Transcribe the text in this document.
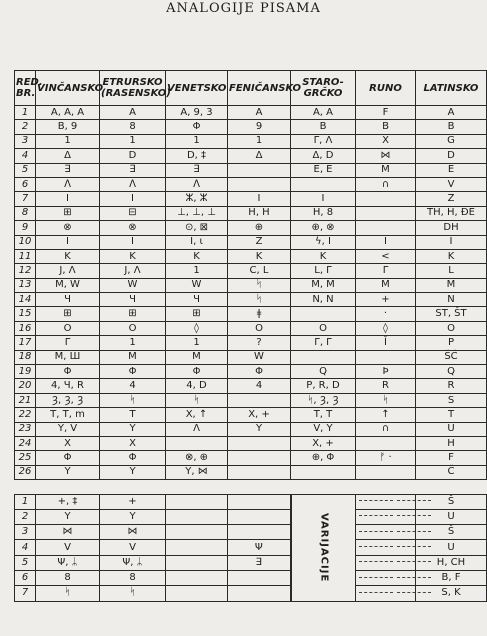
ANALOGIJE PISAMA
RED. BR.	VINČANSKO	ETRURSKO (RASENSKO)	VENETSKO	FENIČANSKO	STARO-GRČKO	RUNO	LATINSKO
1	A, A, A	A	A, 9, 3	A	A, A	F	A
2	B, 9	8	Φ	9	B	B	B
3	1	1	1	1	Γ, Λ	X	G
4	Δ	D	D, ‡	Δ	Δ, D	⋈	D
5	∃	∃	∃		E, E	M	E
6	ᐱ	ᐱ	ᐱ			∩	V
7	I	I	ⵣ, ⵣ	I	I		Z
8	⊞	⊟	⊥, ⊥, ⊥	H, H	H, 8		TH, H, ĐE
9	⊗	⊗	⊙, ⊠	⊕	⊕, ⊗		DH
10	I	I	I, ι	Z	ϟ, I	I	I
11	K	K	K	K	K	<	K
12	J, Λ	J, Λ	1	C, L	L, Γ	Γ	L
13	M, W	W	W	ᛋ	M, M	M	M
14	Ч	Ч	Ч	ᛋ	N, N	+	N
15	⊞	⊞	⊞	ǂ		·	ST, ŠT
16	O	O	◊	O	O	◊	O
17	Γ	1	1	?	Γ, Γ	Ǐ	P
18	M, Ш	M	M	W			ŠĆ
19	Φ	Φ	Φ	Φ	Q	Þ	Q
20	4, Ч, R	4	4, D	4	P, R, D	R	R
21	Ȝ, Ȝ, Ȝ	ᛋ	ᛋ		ᛋ, Ȝ, Ȝ	ᛋ	S
22	T, T, m	T	X, ↑	X, +	T, T	↑	T
23	Y, V	Y	Λ	Y	V, Y	∩	U
24	X	X			X, +		H
25	Φ	Φ	⊗, ⊕		⊕, Φ	ᚠ ·	F
26	Y	Y	Y, ⋈				Č

1	+, ‡	+			VARIJACIJE		Š
2	Y	Y					U
3	⋈	⋈					Š
4	V	V		Ψ			U
5	Ψ, ᛦ	Ψ, ᛦ		∃			H, CH
6	8	8					B, F
7	ᛋ	ᛋ					S, K
